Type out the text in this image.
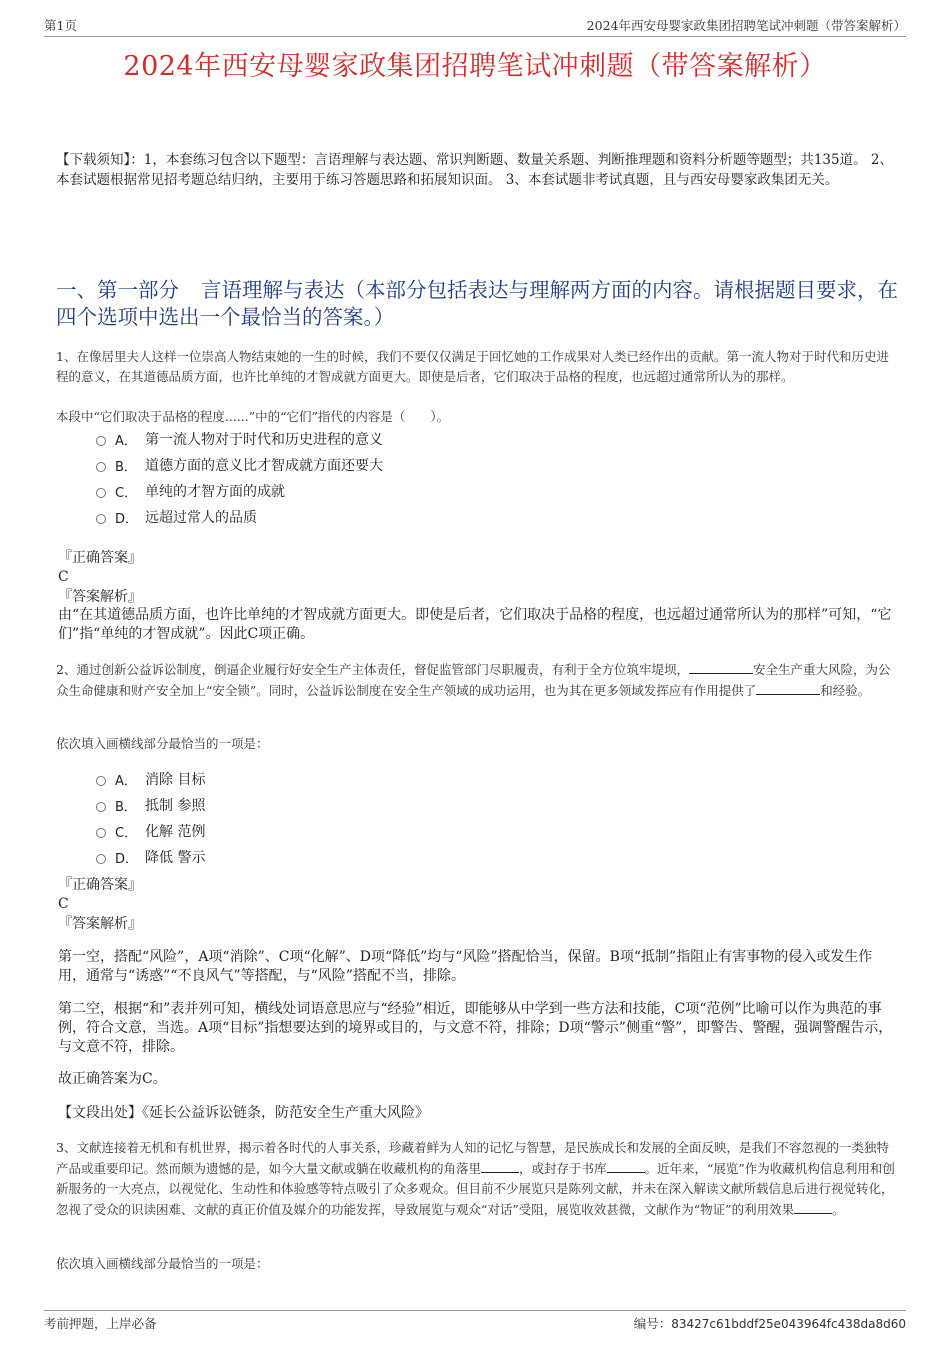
第1页	2024年西安母婴家政集团招聘笔试冲刺题（带答案解析）
2024年西安母婴家政集团招聘笔试冲刺题（带答案解析）
【下载须知】：1，本套练习包含以下题型：言语理解与表达题、常识判断题、数量关系题、判断推理题和资料分析题等题型；共135道。 2、本套试题根据常见招考题总结归纳，主要用于练习答题思路和拓展知识面。 3、本套试题非考试真题，且与西安母婴家政集团无关。
一、第一部分 言语理解与表达（本部分包括表达与理解两方面的内容。请根据题目要求，在四个选项中选出一个最恰当的答案。）
1、在像居里夫人这样一位崇高人物结束她的一生的时候，我们不要仅仅满足于回忆她的工作成果对人类已经作出的贡献。第一流人物对于时代和历史进程的意义，在其道德品质方面，也许比单纯的才智成就方面更大。即使是后者，它们取决于品格的程度，也远超过通常所认为的那样。
本段中“它们取决于品格的程度......”中的“它们”指代的内容是（　　）。
A． 第一流人物对于时代和历史进程的意义
B． 道德方面的意义比才智成就方面还要大
C． 单纯的才智方面的成就
D． 远超过常人的品质
『正确答案』
C
『答案解析』
由“在其道德品质方面，也许比单纯的才智成就方面更大。即使是后者，它们取决于品格的程度，也远超过通常所认为的那样”可知，“它们”指“单纯的才智成就”。因此C项正确。
2、通过创新公益诉讼制度，倒逼企业履行好安全生产主体责任，督促监管部门尽职履责，有利于全方位筑牢堤坝，	安全生产重大风险，为公众生命健康和财产安全加上“安全锁”。同时，公益诉讼制度在安全生产领域的成功运用，也为其在更多领域发挥应有作用提供了	和经验。
依次填入画横线部分最恰当的一项是：
A． 消除 目标
B． 抵制 参照
C． 化解 范例
D． 降低 警示
『正确答案』
C
『答案解析』
第一空，搭配“风险”，A项“消除”、C项“化解”、D项“降低”均与“风险”搭配恰当，保留。B项“抵制”指阻止有害事物的侵入或发生作用，通常与“诱惑”“不良风气”等搭配，与“风险”搭配不当，排除。
第二空，根据“和”表并列可知，横线处词语意思应与“经验”相近，即能够从中学到一些方法和技能，C项“范例”比喻可以作为典范的事例，符合文意，当选。A项“目标”指想要达到的境界或目的，与文意不符，排除；D项“警示”侧重“警”，即警告、警醒，强调警醒告示，与文意不符，排除。
故正确答案为C。
【文段出处】《延长公益诉讼链条，防范安全生产重大风险》
3、文献连接着无机和有机世界，揭示着各时代的人事关系，珍藏着鲜为人知的记忆与智慧，是民族成长和发展的全面反映，是我们不容忽视的一类独特产品或重要印记。然而颇为遗憾的是，如今大量文献或躺在收藏机构的角落里	，或封存于书库	。近年来，“展览”作为收藏机构信息利用和创新服务的一大亮点，以视觉化、生动性和体验感等特点吸引了众多观众。但目前不少展览只是陈列文献，并未在深入解读文献所载信息后进行视觉转化，忽视了受众的识读困难、文献的真正价值及媒介的功能发挥，导致展览与观众“对话”受阻，展览收效甚微，文献作为“物证”的利用效果	。
依次填入画横线部分最恰当的一项是：
考前押题，上岸必备	编号：83427c61bddf25e043964fc438da8d60
